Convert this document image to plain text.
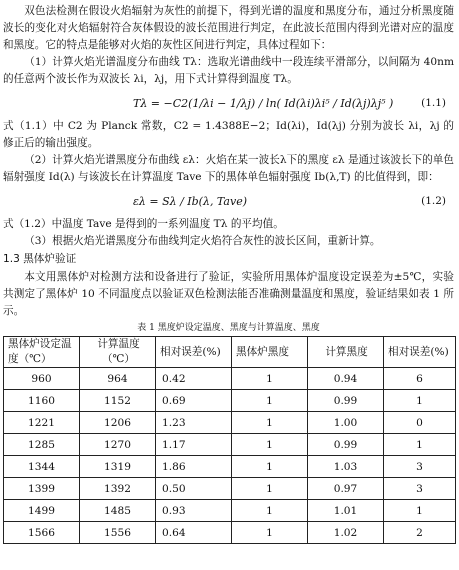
双色法检测在假设火焰辐射为灰性的前提下，得到光谱的温度和黑度分布，通过分析黑度随波长的变化对火焰辐射符合灰体假设的波长范围进行判定，在此波长范围内得到光谱对应的温度和黑度。它的特点是能够对火焰的灰性区间进行判定，具体过程如下：

（1）计算火焰光谱温度分布曲线 Tλ：选取光谱曲线中一段连续平滑部分，以间隔为 40nm 的任意两个波长作为双波长 λi，λj，用下式计算得到温度 Tλ。

Tλ = −C2(1/λi − 1/λj) / ln( Id(λi)λi⁵ / Id(λj)λj⁵ )	(1.1)

式（1.1）中 C2 为 Planck 常数，C2 = 1.4388E−2；Id(λi)，Id(λj) 分别为波长 λi，λj 的修正后的输出强度。

（2）计算火焰光谱黑度分布曲线 ελ：火焰在某一波长λ下的黑度 ελ 是通过该波长下的单色辐射强度 Id(λ) 与该波长在计算温度 Tave 下的黑体单色辐射强度 Ib(λ,T) 的比值得到，即：

ελ = Sλ / Ib(λ, Tave)	(1.2)

式（1.2）中温度 Tave 是得到的一系列温度 Tλ 的平均值。

（3）根据火焰光谱黑度分布曲线判定火焰符合灰性的波长区间，重新计算。

1.3 黑体炉验证

本文用黑体炉对检测方法和设备进行了验证，实验所用黑体炉温度设定误差为±5℃，实验共测定了黑体炉 10 不同温度点以验证双色检测法能否准确测量温度和黑度，验证结果如表 1 所示。

表 1 黑度炉设定温度、黑度与计算温度、黑度
黑体炉设定温度（℃）	计算温度（℃）	相对误差(%)	黑体炉黑度	计算黑度	相对误差(%)
960	964	0.42	1	0.94	6
1160	1152	0.69	1	0.99	1
1221	1206	1.23	1	1.00	0
1285	1270	1.17	1	0.99	1
1344	1319	1.86	1	1.03	3
1399	1392	0.50	1	0.97	3
1499	1485	0.93	1	1.01	1
1566	1556	0.64	1	1.02	2
